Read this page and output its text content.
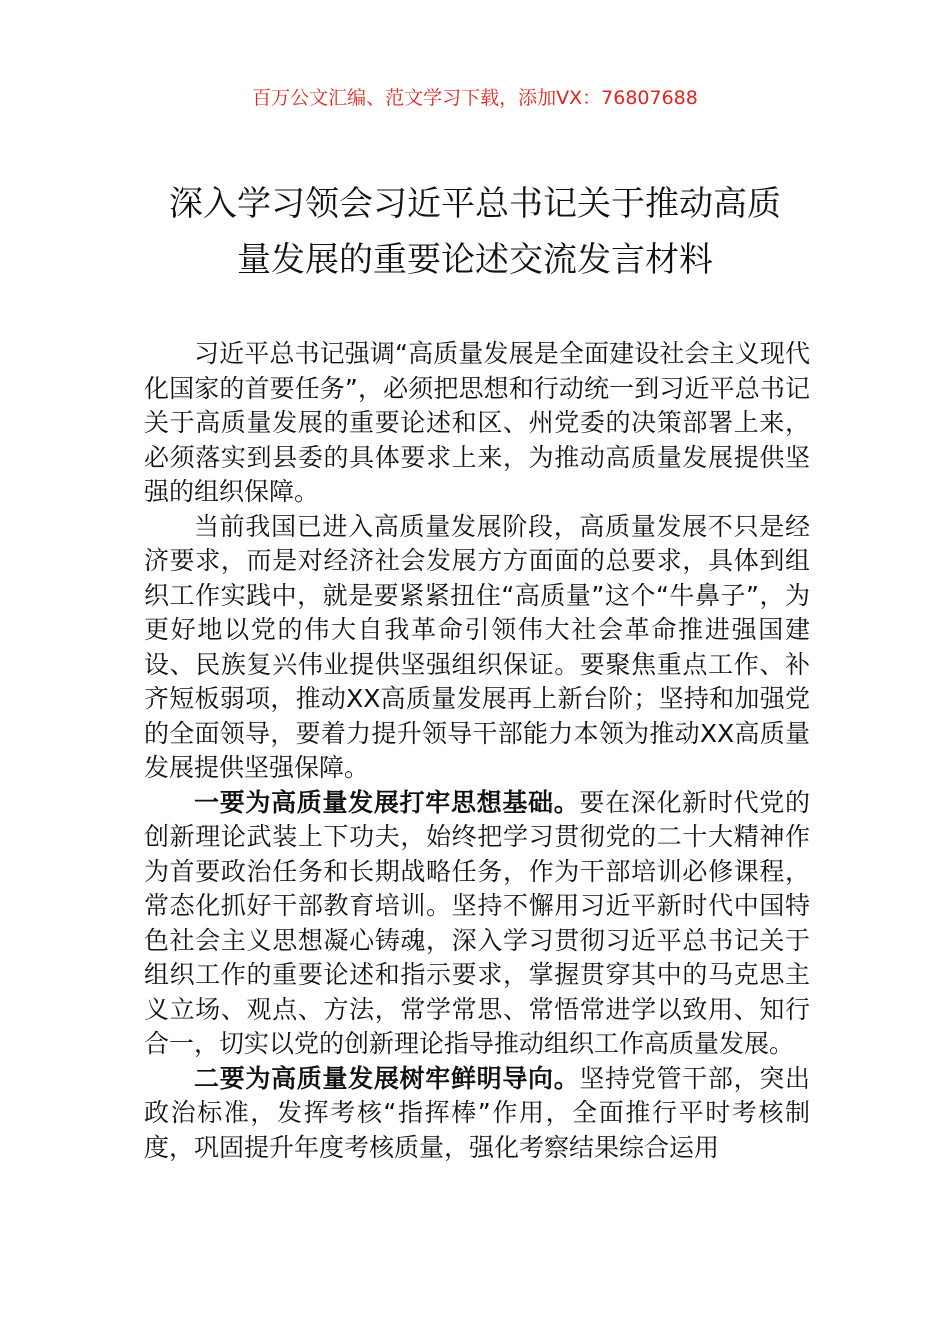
百万公文汇编、范文学习下载，添加VX：76807688
深入学习领会习近平总书记关于推动高质
量发展的重要论述交流发言材料

习近平总书记强调“高质量发展是全面建设社会主义现代化国家的首要任务”，必须把思想和行动统一到习近平总书记关于高质量发展的重要论述和区、州党委的决策部署上来，必须落实到县委的具体要求上来，为推动高质量发展提供坚强的组织保障。

当前我国已进入高质量发展阶段，高质量发展不只是经济要求，而是对经济社会发展方方面面的总要求，具体到组织工作实践中，就是要紧紧扭住“高质量”这个“牛鼻子”，为更好地以党的伟大自我革命引领伟大社会革命推进强国建设、民族复兴伟业提供坚强组织保证。要聚焦重点工作、补齐短板弱项，推动XX高质量发展再上新台阶；坚持和加强党的全面领导，要着力提升领导干部能力本领为推动XX高质量发展提供坚强保障。

一要为高质量发展打牢思想基础。要在深化新时代党的创新理论武装上下功夫，始终把学习贯彻党的二十大精神作为首要政治任务和长期战略任务，作为干部培训必修课程，常态化抓好干部教育培训。坚持不懈用习近平新时代中国特色社会主义思想凝心铸魂，深入学习贯彻习近平总书记关于组织工作的重要论述和指示要求，掌握贯穿其中的马克思主义立场、观点、方法，常学常思、常悟常进学以致用、知行合一，切实以党的创新理论指导推动组织工作高质量发展。

二要为高质量发展树牢鲜明导向。坚持党管干部，突出政治标准，发挥考核“指挥棒”作用，全面推行平时考核制度，巩固提升年度考核质量，强化考察结果综合运用
